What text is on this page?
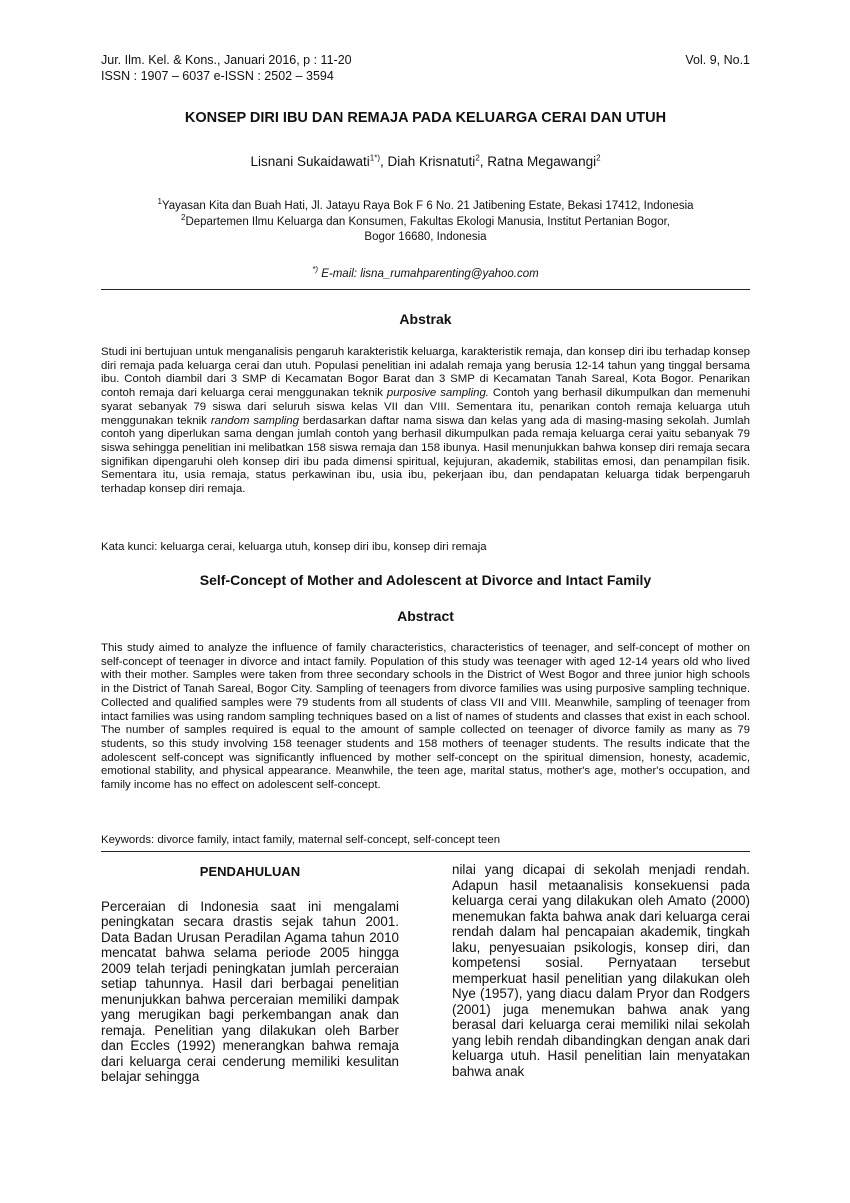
Jur. Ilm. Kel. & Kons., Januari 2016, p : 11-20
ISSN : 1907 – 6037 e-ISSN : 2502 – 3594
Vol. 9, No.1
KONSEP DIRI IBU DAN REMAJA PADA KELUARGA CERAI DAN UTUH
Lisnani Sukaidawati$^{1*)}$, Diah Krisnatuti$^2$, Ratna Megawangi$^2$
$^1$Yayasan Kita dan Buah Hati, Jl. Jatayu Raya Bok F 6 No. 21 Jatibening Estate, Bekasi 17412, Indonesia
$^2$Departemen Ilmu Keluarga dan Konsumen, Fakultas Ekologi Manusia, Institut Pertanian Bogor,
Bogor 16680, Indonesia
*) E-mail: lisna_rumahparenting@yahoo.com
Abstrak
Studi ini bertujuan untuk menganalisis pengaruh karakteristik keluarga, karakteristik remaja, dan konsep diri ibu terhadap konsep diri remaja pada keluarga cerai dan utuh. Populasi penelitian ini adalah remaja yang berusia 12-14 tahun yang tinggal bersama ibu. Contoh diambil dari 3 SMP di Kecamatan Bogor Barat dan 3 SMP di Kecamatan Tanah Sareal, Kota Bogor. Penarikan contoh remaja dari keluarga cerai menggunakan teknik purposive sampling. Contoh yang berhasil dikumpulkan dan memenuhi syarat sebanyak 79 siswa dari seluruh siswa kelas VII dan VIII. Sementara itu, penarikan contoh remaja keluarga utuh menggunakan teknik random sampling berdasarkan daftar nama siswa dan kelas yang ada di masing-masing sekolah. Jumlah contoh yang diperlukan sama dengan jumlah contoh yang berhasil dikumpulkan pada remaja keluarga cerai yaitu sebanyak 79 siswa sehingga penelitian ini melibatkan 158 siswa remaja dan 158 ibunya. Hasil menunjukkan bahwa konsep diri remaja secara signifikan dipengaruhi oleh konsep diri ibu pada dimensi spiritual, kejujuran, akademik, stabilitas emosi, dan penampilan fisik. Sementara itu, usia remaja, status perkawinan ibu, usia ibu, pekerjaan ibu, dan pendapatan keluarga tidak berpengaruh terhadap konsep diri remaja.
Kata kunci: keluarga cerai, keluarga utuh, konsep diri ibu, konsep diri remaja
Self-Concept of Mother and Adolescent at Divorce and Intact Family
Abstract
This study aimed to analyze the influence of family characteristics, characteristics of teenager, and self-concept of mother on self-concept of teenager in divorce and intact family. Population of this study was teenager with aged 12-14 years old who lived with their mother. Samples were taken from three secondary schools in the District of West Bogor and three junior high schools in the District of Tanah Sareal, Bogor City. Sampling of teenagers from divorce families was using purposive sampling technique. Collected and qualified samples were 79 students from all students of class VII and VIII. Meanwhile, sampling of teenager from intact families was using random sampling techniques based on a list of names of students and classes that exist in each school. The number of samples required is equal to the amount of sample collected on teenager of divorce family as many as 79 students, so this study involving 158 teenager students and 158 mothers of teenager students. The results indicate that the adolescent self-concept was significantly influenced by mother self-concept on the spiritual dimension, honesty, academic, emotional stability, and physical appearance. Meanwhile, the teen age, marital status, mother's age, mother's occupation, and family income has no effect on adolescent self-concept.
Keywords: divorce family, intact family, maternal self-concept, self-concept teen
PENDAHULUAN
Perceraian di Indonesia saat ini mengalami peningkatan secara drastis sejak tahun 2001. Data Badan Urusan Peradilan Agama tahun 2010 mencatat bahwa selama periode 2005 hingga 2009 telah terjadi peningkatan jumlah perceraian setiap tahunnya. Hasil dari berbagai penelitian menunjukkan bahwa perceraian memiliki dampak yang merugikan bagi perkembangan anak dan remaja. Penelitian yang dilakukan oleh Barber dan Eccles (1992) menerangkan bahwa remaja dari keluarga cerai cenderung memiliki kesulitan belajar sehingga
nilai yang dicapai di sekolah menjadi rendah. Adapun hasil metaanalisis konsekuensi pada keluarga cerai yang dilakukan oleh Amato (2000) menemukan fakta bahwa anak dari keluarga cerai rendah dalam hal pencapaian akademik, tingkah laku, penyesuaian psikologis, konsep diri, dan kompetensi sosial. Pernyataan tersebut memperkuat hasil penelitian yang dilakukan oleh Nye (1957), yang diacu dalam Pryor dan Rodgers (2001) juga menemukan bahwa anak yang berasal dari keluarga cerai memiliki nilai sekolah yang lebih rendah dibandingkan dengan anak dari keluarga utuh. Hasil penelitian lain menyatakan bahwa anak
